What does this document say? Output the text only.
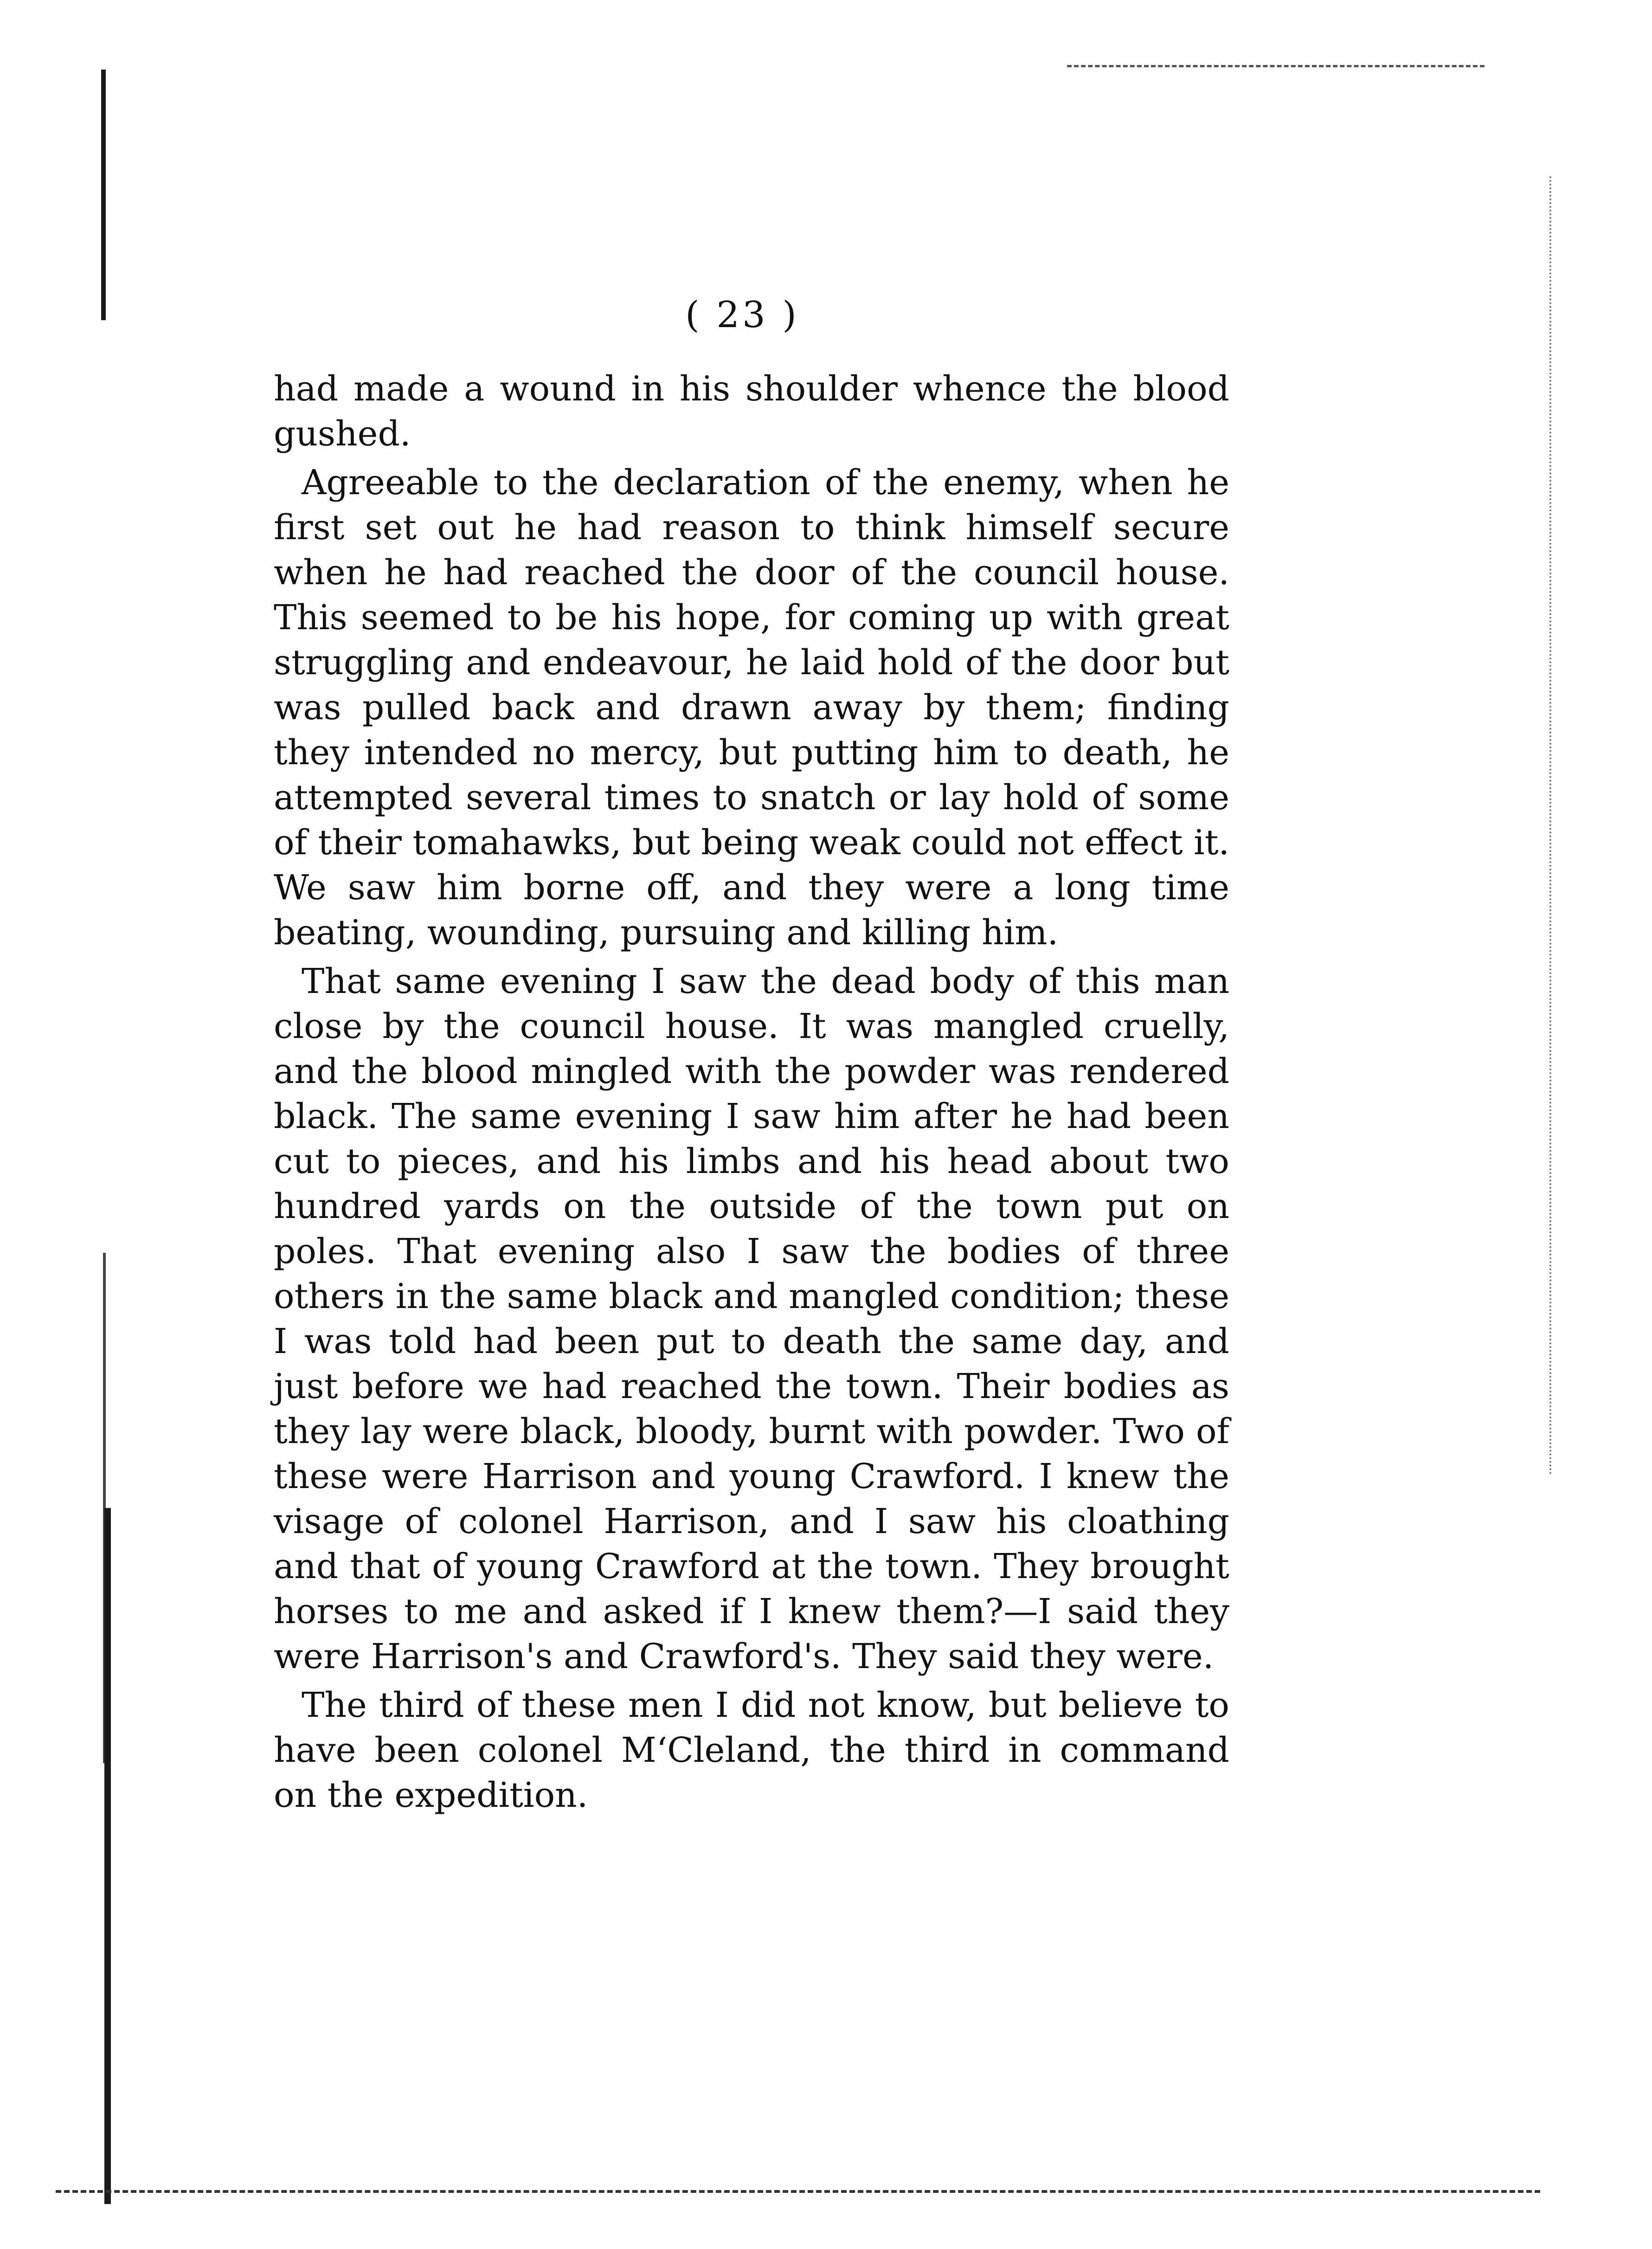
( 23 )

had made a wound in his shoulder whence the blood gushed.

Agreeable to the declaration of the enemy, when he first set out he had reason to think himself secure when he had reached the door of the council house. This seemed to be his hope, for coming up with great struggling and endeavour, he laid hold of the door but was pulled back and drawn away by them; finding they intended no mercy, but putting him to death, he attempted several times to snatch or lay hold of some of their tomahawks, but being weak could not effect it. We saw him borne off, and they were a long time beating, wounding, pursuing and killing him.

That same evening I saw the dead body of this man close by the council house. It was mangled cruelly, and the blood mingled with the powder was rendered black. The same evening I saw him after he had been cut to pieces, and his limbs and his head about two hundred yards on the outside of the town put on poles. That evening also I saw the bodies of three others in the same black and mangled condition; these I was told had been put to death the same day, and just before we had reached the town. Their bodies as they lay were black, bloody, burnt with powder. Two of these were Harrison and young Crawford. I knew the visage of colonel Harrison, and I saw his cloathing and that of young Crawford at the town. They brought horses to me and asked if I knew them?—I said they were Harrison's and Crawford's. They said they were.

The third of these men I did not know, but believe to have been colonel M‘Cleland, the third in command on the expedition.
